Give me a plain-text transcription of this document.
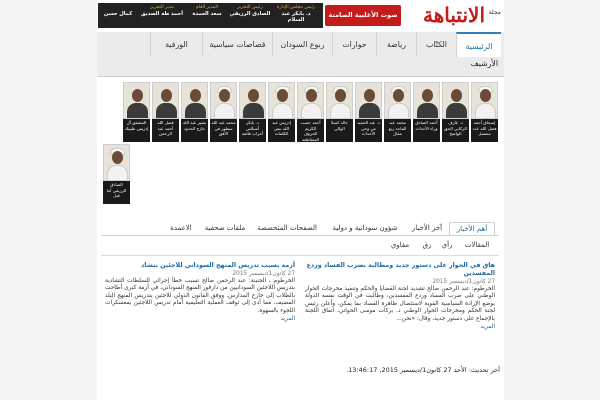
مجلة
الانتباهة
صوت الأغلبية الصامتة
رئيس مجلس الإدارة
د. بابكر عبد السلام
رئيس التحرير
الصادق الرزيقي
المدير العام
سعد العمدة
مدير التحرير
أحمد طه الصديق
كمال حسن
الرئيسية
الكتّاب
رياضة
حوارات
ربوع السودان
قصاصات سياسية
الورقية
الأرشيف
إسحاق أحمد فضل الله عدد منفصل
د. عارف الركابي الحق الواضح
أحمد الصادق وراء الأحداث
محمد عبد الماجد ربع مقال
د. عبد الحميد من وحي الأحداث
خالد كسلا الوالي
أحمد حسب الكريم الحروف المتقاطعة
إدريس عبد الله نبض الكلمات
د. بابكر أسبالتي أحزاب قائمة
محمد عبد الله سطور في الأفق
بشير عبد الله خارج الحدود
فضل الله أحمد عبد الرحمن
المشفق آل إدريس طبيبك
الصادق الرزيقي أما قبل
أهم الأخبار
آخر الأخبار
شؤون سودانية و دولية
الصفحات المتخصصة
ملفات صحفية
الاعمدة
المقالات
رأي
رق
مقاوي
هاق في الحوار على دستور جديد ومطالبة بضرب الفساد وردع المفسدين
27 كانون1/ديسمبر 2015
الخرطوم: عبد الرحمن صالح تشديد لجنة القضايا والحكم وتنفيذ مخرجات الحوار الوطني على ضرب الفساد وردع المفسدين، وطالبت في الوقت نفسه الدولة بوضع الإرادة السياسية القوية لاستئصال ظاهرة الفساد بما يمكن، وأعلن رئيس لجنة الحكم ومخرجات الحوار الوطني د. بركات موسى الحواتي، اتفاق اللجنة بالإجماع على دستور جديد، وقال: «نحن...
المزيد
أزمة بسبب تدريس المنهج السوداني للاجئين بنشاد
27 كانون1/ديسمبر 2015
الخرطوم ـ الجنينة: عبد الرحمن صالح تسبب خطأ إجرائي للسلطات التشادية بتدريس اللاجئين السودانيين من دارفور المنهج السوداني، في أزمة كبرى أطاحت بالطلاب إلى خارج المدارس. ووفق القانون الدولي للاجئين بتدريس المنهج البلد المضيف، مما أدى إلى توقف العملية التعليمية أمام تدريس اللاجئين بمعسكرات اللجوء بالسهوة.
المزيد
آخر تحديث: الأحد 27 كانون1/ديسمبر 2015, 13:46:17.
